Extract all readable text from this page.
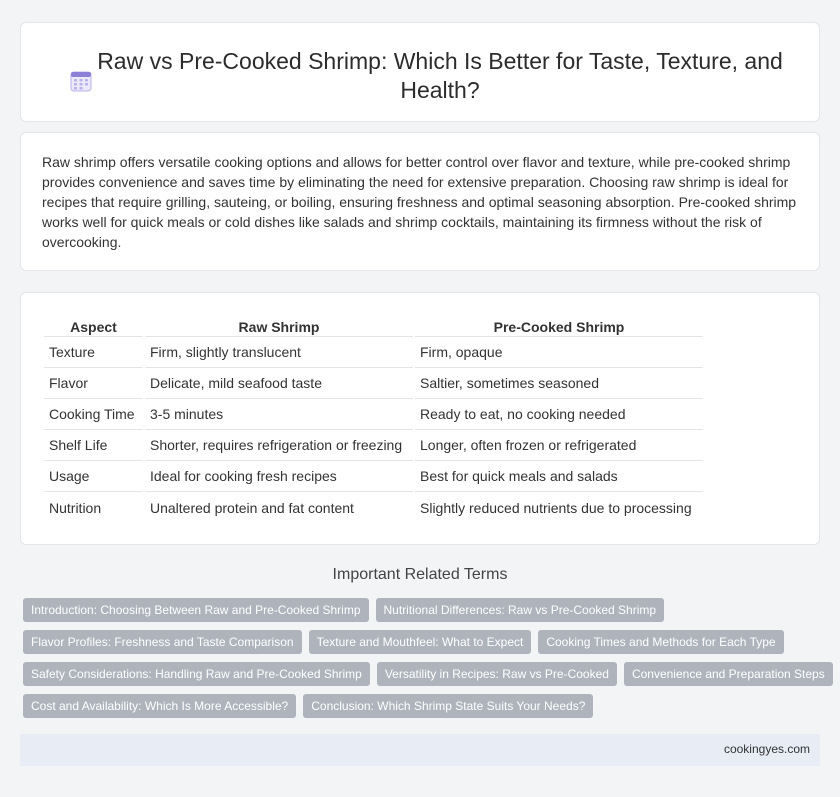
Raw vs Pre-Cooked Shrimp: Which Is Better for Taste, Texture, and Health?

Raw shrimp offers versatile cooking options and allows for better control over flavor and texture, while pre-cooked shrimp provides convenience and saves time by eliminating the need for extensive preparation. Choosing raw shrimp is ideal for recipes that require grilling, sauteing, or boiling, ensuring freshness and optimal seasoning absorption. Pre-cooked shrimp works well for quick meals or cold dishes like salads and shrimp cocktails, maintaining its firmness without the risk of overcooking.

Aspect	Raw Shrimp	Pre-Cooked Shrimp
Texture	Firm, slightly translucent	Firm, opaque
Flavor	Delicate, mild seafood taste	Saltier, sometimes seasoned
Cooking Time	3-5 minutes	Ready to eat, no cooking needed
Shelf Life	Shorter, requires refrigeration or freezing	Longer, often frozen or refrigerated
Usage	Ideal for cooking fresh recipes	Best for quick meals and salads
Nutrition	Unaltered protein and fat content	Slightly reduced nutrients due to processing
Important Related Terms
Introduction: Choosing Between Raw and Pre-Cooked Shrimp	Nutritional Differences: Raw vs Pre-Cooked Shrimp
Flavor Profiles: Freshness and Taste Comparison	Texture and Mouthfeel: What to Expect	Cooking Times and Methods for Each Type
Safety Considerations: Handling Raw and Pre-Cooked Shrimp	Versatility in Recipes: Raw vs Pre-Cooked	Convenience and Preparation Steps
Cost and Availability: Which Is More Accessible?	Conclusion: Which Shrimp State Suits Your Needs?
cookingyes.com
